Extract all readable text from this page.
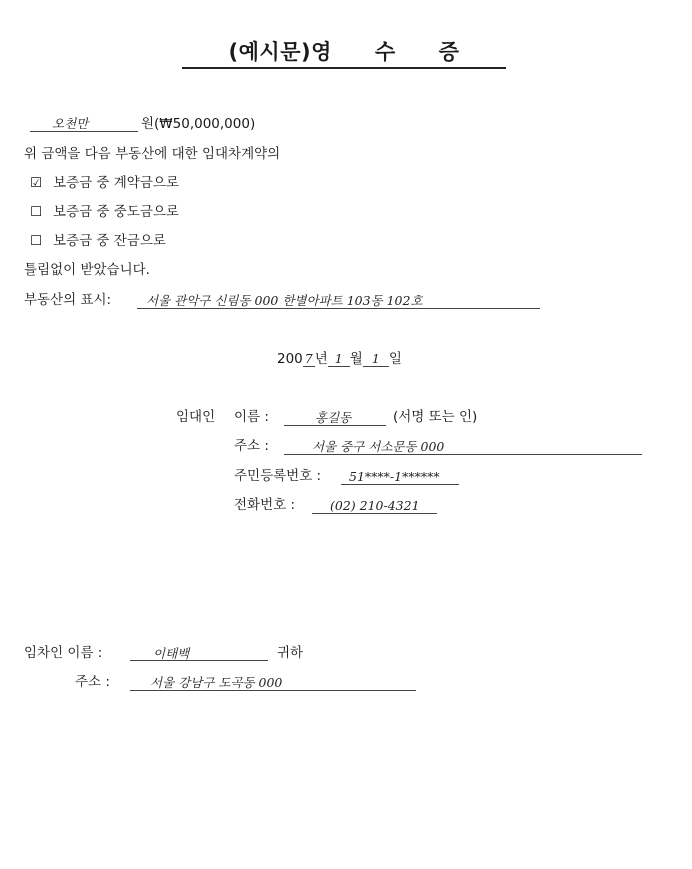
(예시문)영　　수　　증
오천만	원(₩50,000,000)
위 금액을 다음 부동산에 대한 임대차계약의
☑ 보증금 중 계약금으로
☐ 보증금 중 중도금으로
☐ 보증금 중 잔금으로
틀림없이 받았습니다.
부동산의 표시:	서울 관악구 신림동 000 한별아파트 103동 102호
200 7 년 1 월 1 일
임대인 이름 :	홍길동	(서명 또는 인)
주소 :	서울 중구 서소문동 000
주민등록번호 : 51****-1******
전화번호 :	(02) 210-4321
임차인 이름 :	이태백	귀하
주소 :	서울 강남구 도곡동 000
